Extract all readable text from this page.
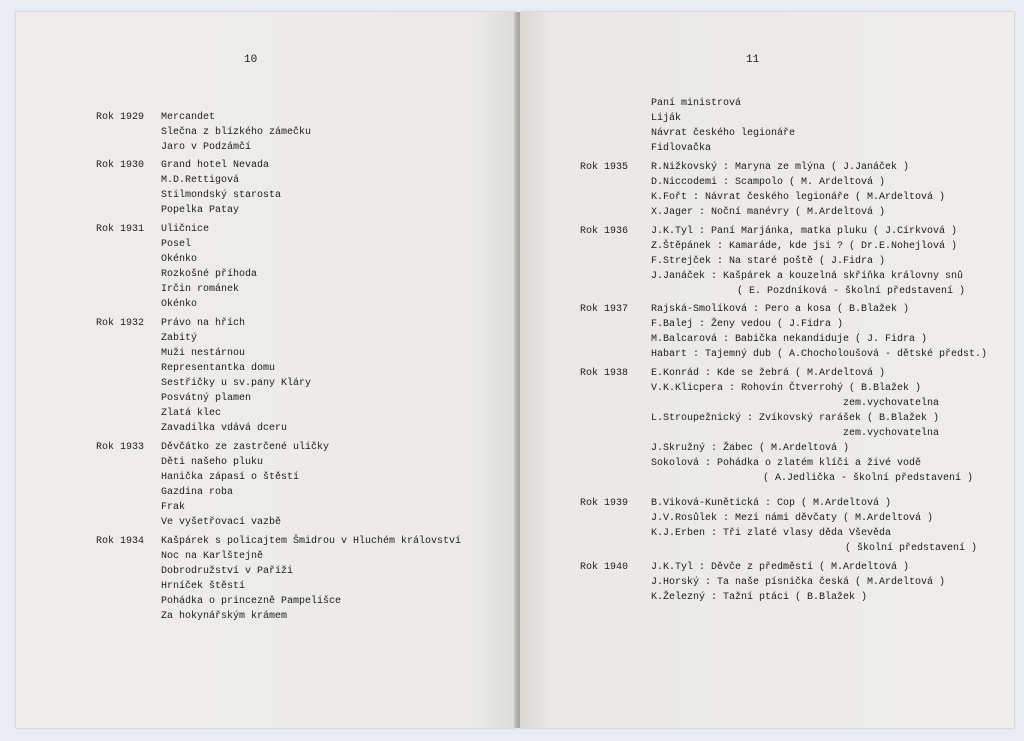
10
Rok 1929 Mercandet
Slečna z blízkého zámečku
Jaro v Podzámčí
Rok 1930 Grand hotel Nevada
M.D.Rettigová
Stilmondský starosta
Popelka Patay
Rok 1931 Uličnice
Posel
Okénko
Rozkošné příhoda
Irčin románek
Okénko
Rok 1932 Právo na hřích
Zabitý
Muži nestárnou
Representantka domu
Sestřičky u sv.pany Kláry
Posvátný plamen
Zlatá klec
Zavadilka vdává dceru
Rok 1933 Děvčátko ze zastrčené uličky
Děti našeho pluku
Hanička zápasí o štěstí
Gazdina roba
Frak
Ve vyšetřovací vazbě
Rok 1934 Kašpárek s policajtem Šmidrou v Hluchém království
Noc na Karlštejně
Dobrodružství v Paříži
Hrníček štěstí
Pohádka o princezně Pampelišce
Za hokynářským krámem
11
Paní ministrová
Liják
Návrat českého legionáře
Fidlovačka
Rok 1935 R.Nižkovský : Maryna ze mlýna ( J.Janáček )
D.Niccodemi : Scampolo ( M. Ardeltová )
K.Fořt : Návrat českého legionáře ( M.Ardeltová )
X.Jager : Noční manévry ( M.Ardeltová )
Rok 1936 J.K.Tyl : Paní Marjánka, matka pluku ( J.Církvová )
Z.Štěpánek : Kamaráde, kde jsi ? ( Dr.E.Nohejlová )
F.Strejček : Na staré poště ( J.Fidra )
J.Janáček : Kašpárek a kouzelná skříňka královny snů
( E. Pozdníková - školní představení )
Rok 1937 Rajská-Smolíková : Pero a kosa ( B.Blažek )
F.Balej : Ženy vedou ( J.Fidra )
M.Balcarová : Babička nekandiduje ( J. Fidra )
Habart : Tajemný dub ( A.Chocholoušová - dětské předst.)
Rok 1938 E.Konrád : Kde se žebrá ( M.Ardeltová )
V.K.Klicpera : Rohovín Čtverrohý ( B.Blažek )
zem.vychovatelna
L.Stroupežnický : Zvíkovský rarášek ( B.Blažek )
zem.vychovatelna
J.Skružný : Žabec ( M.Ardeltová )
Sokolová : Pohádka o zlatém klíči a živé vodě
( A.Jedlička - školní představení )
Rok 1939 B.Viková-Kunětická : Cop ( M.Ardeltová )
J.V.Rosůlek : Mezi námi děvčaty ( M.Ardeltová )
K.J.Erben : Tři zlaté vlasy děda Vševěda
( školní představení )
Rok 1940 J.K.Tyl : Děvče z předměstí ( M.Ardeltová )
J.Horský : Ta naše písnička česká ( M.Ardeltová )
K.Železný : Tažní ptáci ( B.Blažek )
